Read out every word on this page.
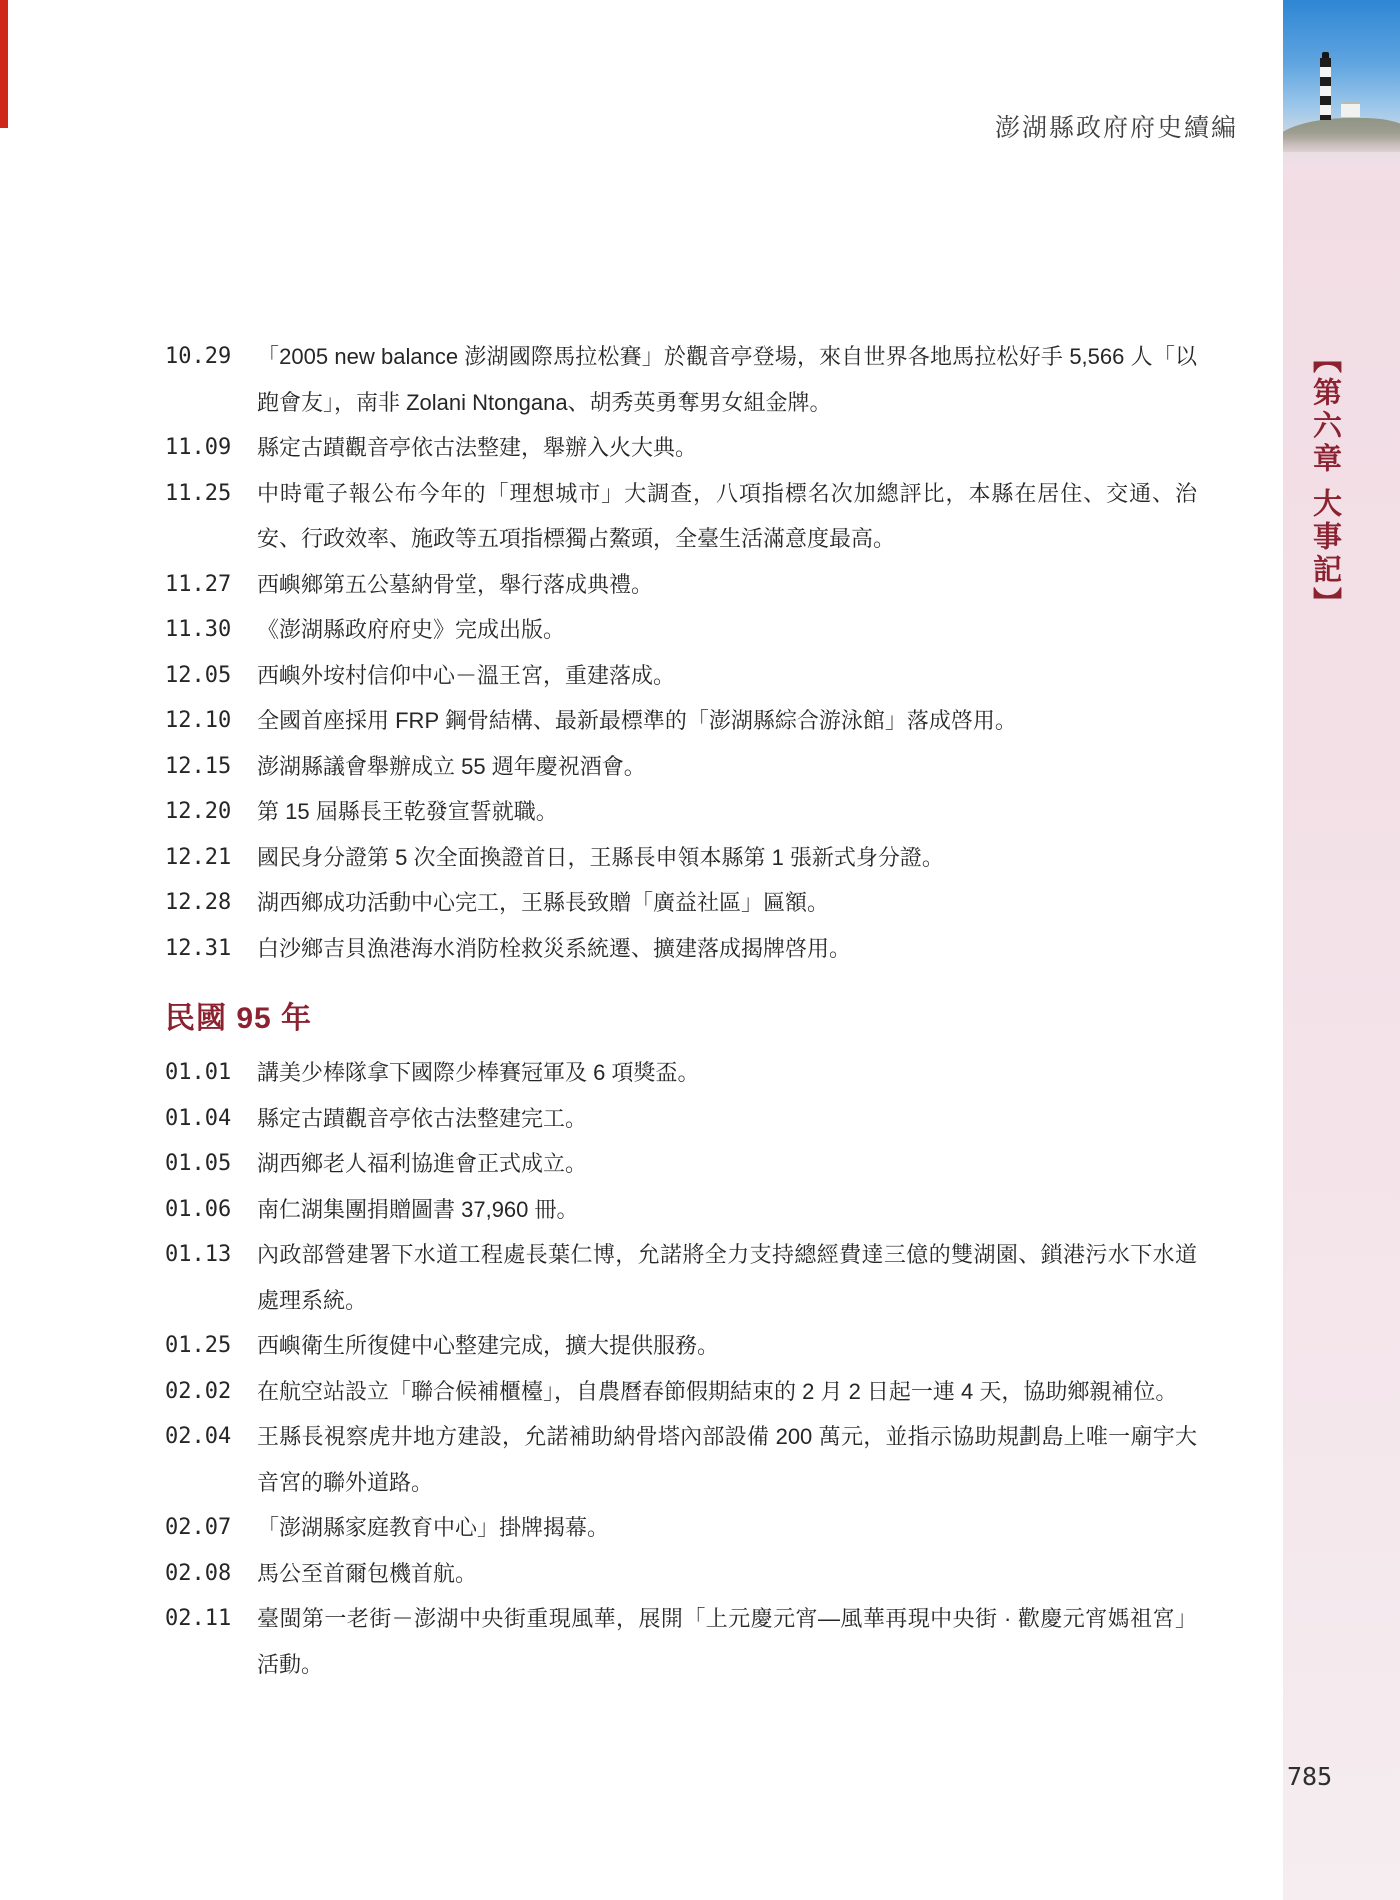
澎湖縣政府府史續編
【第六章 大事記】
785
10.29	「2005 new balance 澎湖國際馬拉松賽」於觀音亭登場，來自世界各地馬拉松好手 5,566 人「以跑會友」，南非 Zolani Ntongana、胡秀英勇奪男女組金牌。
11.09	縣定古蹟觀音亭依古法整建，舉辦入火大典。
11.25	中時電子報公布今年的「理想城市」大調查，八項指標名次加總評比，本縣在居住、交通、治安、行政效率、施政等五項指標獨占鰲頭，全臺生活滿意度最高。
11.27	西嶼鄉第五公墓納骨堂，舉行落成典禮。
11.30	《澎湖縣政府府史》完成出版。
12.05	西嶼外垵村信仰中心－溫王宮，重建落成。
12.10	全國首座採用 FRP 鋼骨結構、最新最標準的「澎湖縣綜合游泳館」落成啓用。
12.15	澎湖縣議會舉辦成立 55 週年慶祝酒會。
12.20	第 15 屆縣長王乾發宣誓就職。
12.21	國民身分證第 5 次全面換證首日，王縣長申領本縣第 1 張新式身分證。
12.28	湖西鄉成功活動中心完工，王縣長致贈「廣益社區」匾額。
12.31	白沙鄉吉貝漁港海水消防栓救災系統遷、擴建落成揭牌啓用。
民國 95 年
01.01	講美少棒隊拿下國際少棒賽冠軍及 6 項獎盃。
01.04	縣定古蹟觀音亭依古法整建完工。
01.05	湖西鄉老人福利協進會正式成立。
01.06	南仁湖集團捐贈圖書 37,960 冊。
01.13	內政部營建署下水道工程處長葉仁博，允諾將全力支持總經費達三億的雙湖園、鎖港污水下水道處理系統。
01.25	西嶼衛生所復健中心整建完成，擴大提供服務。
02.02	在航空站設立「聯合候補櫃檯」，自農曆春節假期結束的 2 月 2 日起一連 4 天，協助鄉親補位。
02.04	王縣長視察虎井地方建設，允諾補助納骨塔內部設備 200 萬元，並指示協助規劃島上唯一廟宇大音宮的聯外道路。
02.07	「澎湖縣家庭教育中心」掛牌揭幕。
02.08	馬公至首爾包機首航。
02.11	臺閩第一老街－澎湖中央街重現風華，展開「上元慶元宵—風華再現中央街 · 歡慶元宵媽祖宮」活動。
